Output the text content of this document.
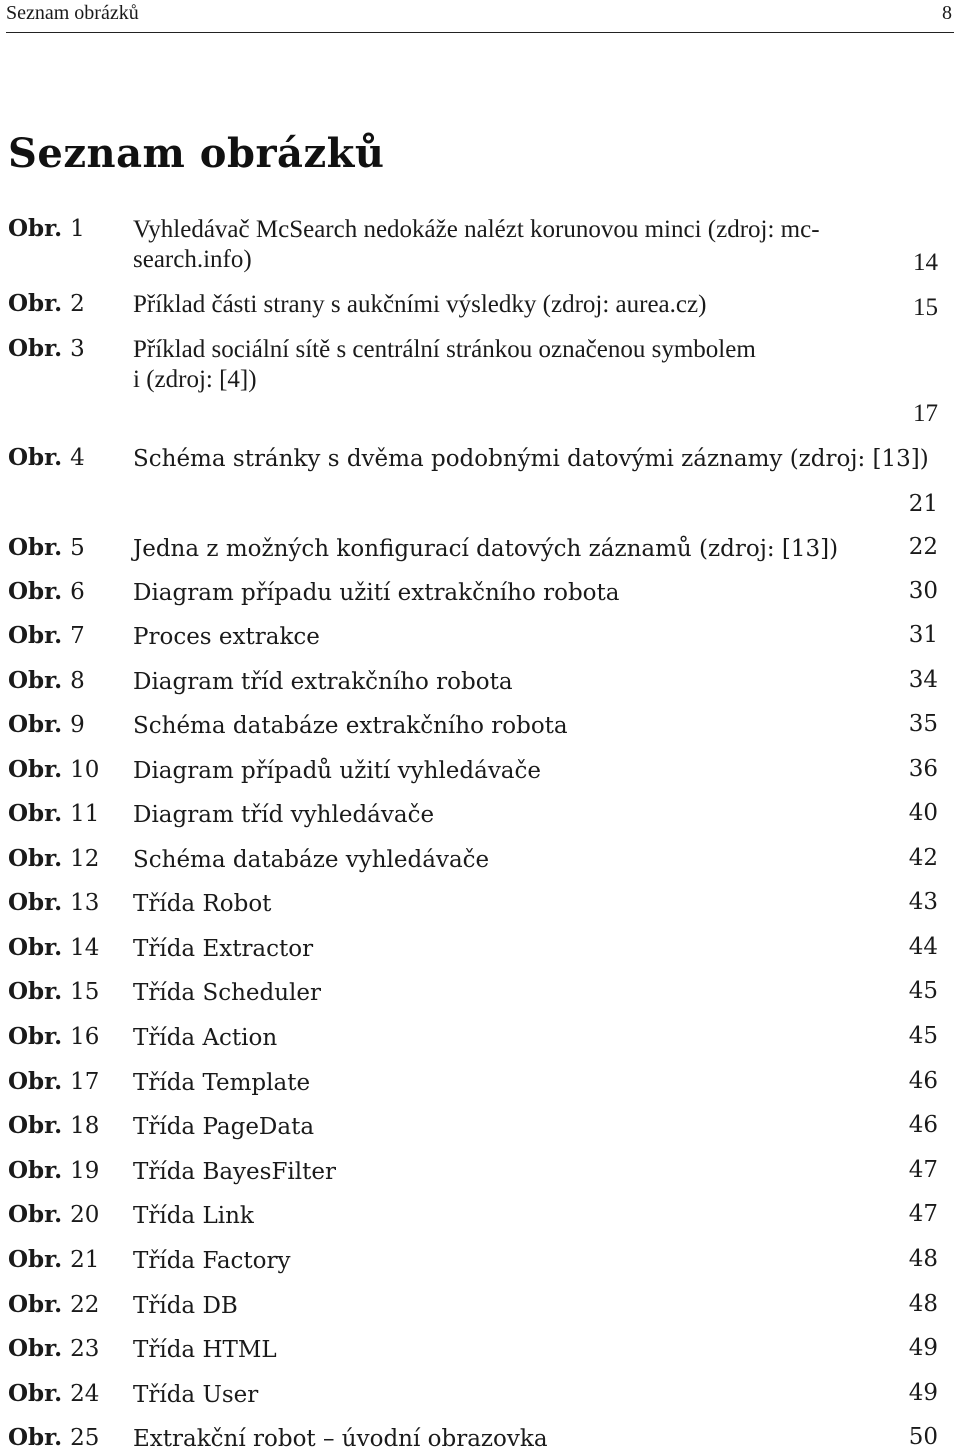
Seznam obrázků	8
Seznam obrázků
Obr. 1 Vyhledávač McSearch nedokáže nalézt korunovou minci (zdroj: mc-
search.info)	14
Obr. 2 Příklad části strany s aukčními výsledky (zdroj: aurea.cz)	15
Obr. 3 Příklad sociální sítě s centrální stránkou označenou symbolem
i (zdroj: [4])
17
Obr. 4 Schéma stránky s dvěma podobnými datovými záznamy (zdroj: [13])
21
Obr. 5 Jedna z možných konfigurací datových záznamů (zdroj: [13])	22
Obr. 6 Diagram případu užití extrakčního robota	30
Obr. 7 Proces extrakce	31
Obr. 8 Diagram tříd extrakčního robota	34
Obr. 9 Schéma databáze extrakčního robota	35
Obr. 10 Diagram případů užití vyhledávače	36
Obr. 11 Diagram tříd vyhledávače	40
Obr. 12 Schéma databáze vyhledávače	42
Obr. 13 Třída Robot	43
Obr. 14 Třída Extractor	44
Obr. 15 Třída Scheduler	45
Obr. 16 Třída Action	45
Obr. 17 Třída Template	46
Obr. 18 Třída PageData	46
Obr. 19 Třída BayesFilter	47
Obr. 20 Třída Link	47
Obr. 21 Třída Factory	48
Obr. 22 Třída DB	48
Obr. 23 Třída HTML	49
Obr. 24 Třída User	49
Obr. 25 Extrakční robot – úvodní obrazovka	50
